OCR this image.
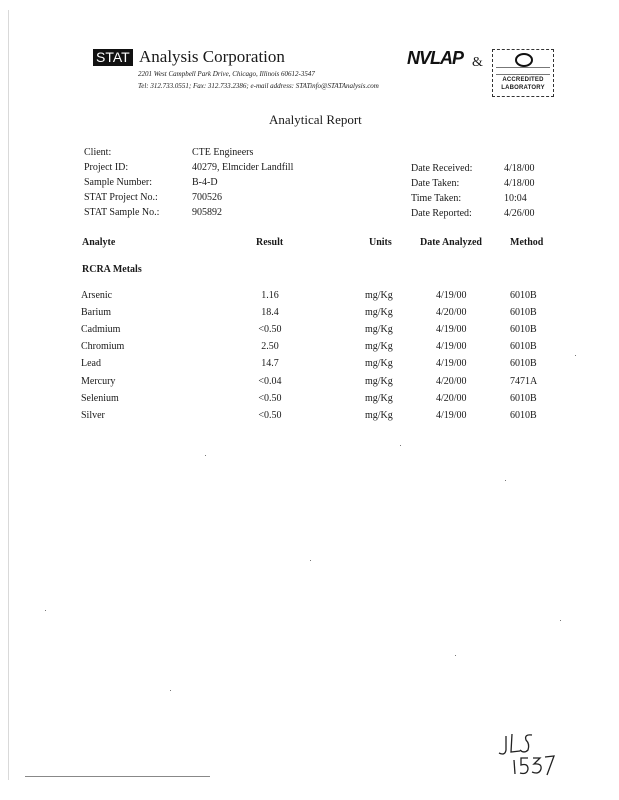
STAT Analysis Corporation
2201 West Campbell Park Drive, Chicago, Illinois 60612-3547
Tel: 312.733.0551; Fax: 312.733.2386; e-mail address: STATinfo@STATAnalysis.com
NVLAP &
ACCREDITED
LABORATORY
Analytical Report
Client:	CTE Engineers
Project ID:	40279, Elmcider Landfill
Sample Number:	B-4-D
STAT Project No.:	700526
STAT Sample No.:	905892
Date Received:	4/18/00
Date Taken:	4/18/00
Time Taken:	10:04
Date Reported:	4/26/00
Analyte	Result	Units	Date Analyzed	Method
RCRA Metals
Arsenic	1.16	mg/Kg	4/19/00	6010B
Barium	18.4	mg/Kg	4/20/00	6010B
Cadmium	<0.50	mg/Kg	4/19/00	6010B
Chromium	2.50	mg/Kg	4/19/00	6010B
Lead	14.7	mg/Kg	4/19/00	6010B
Mercury	<0.04	mg/Kg	4/20/00	7471A
Selenium	<0.50	mg/Kg	4/20/00	6010B
Silver	<0.50	mg/Kg	4/19/00	6010B
